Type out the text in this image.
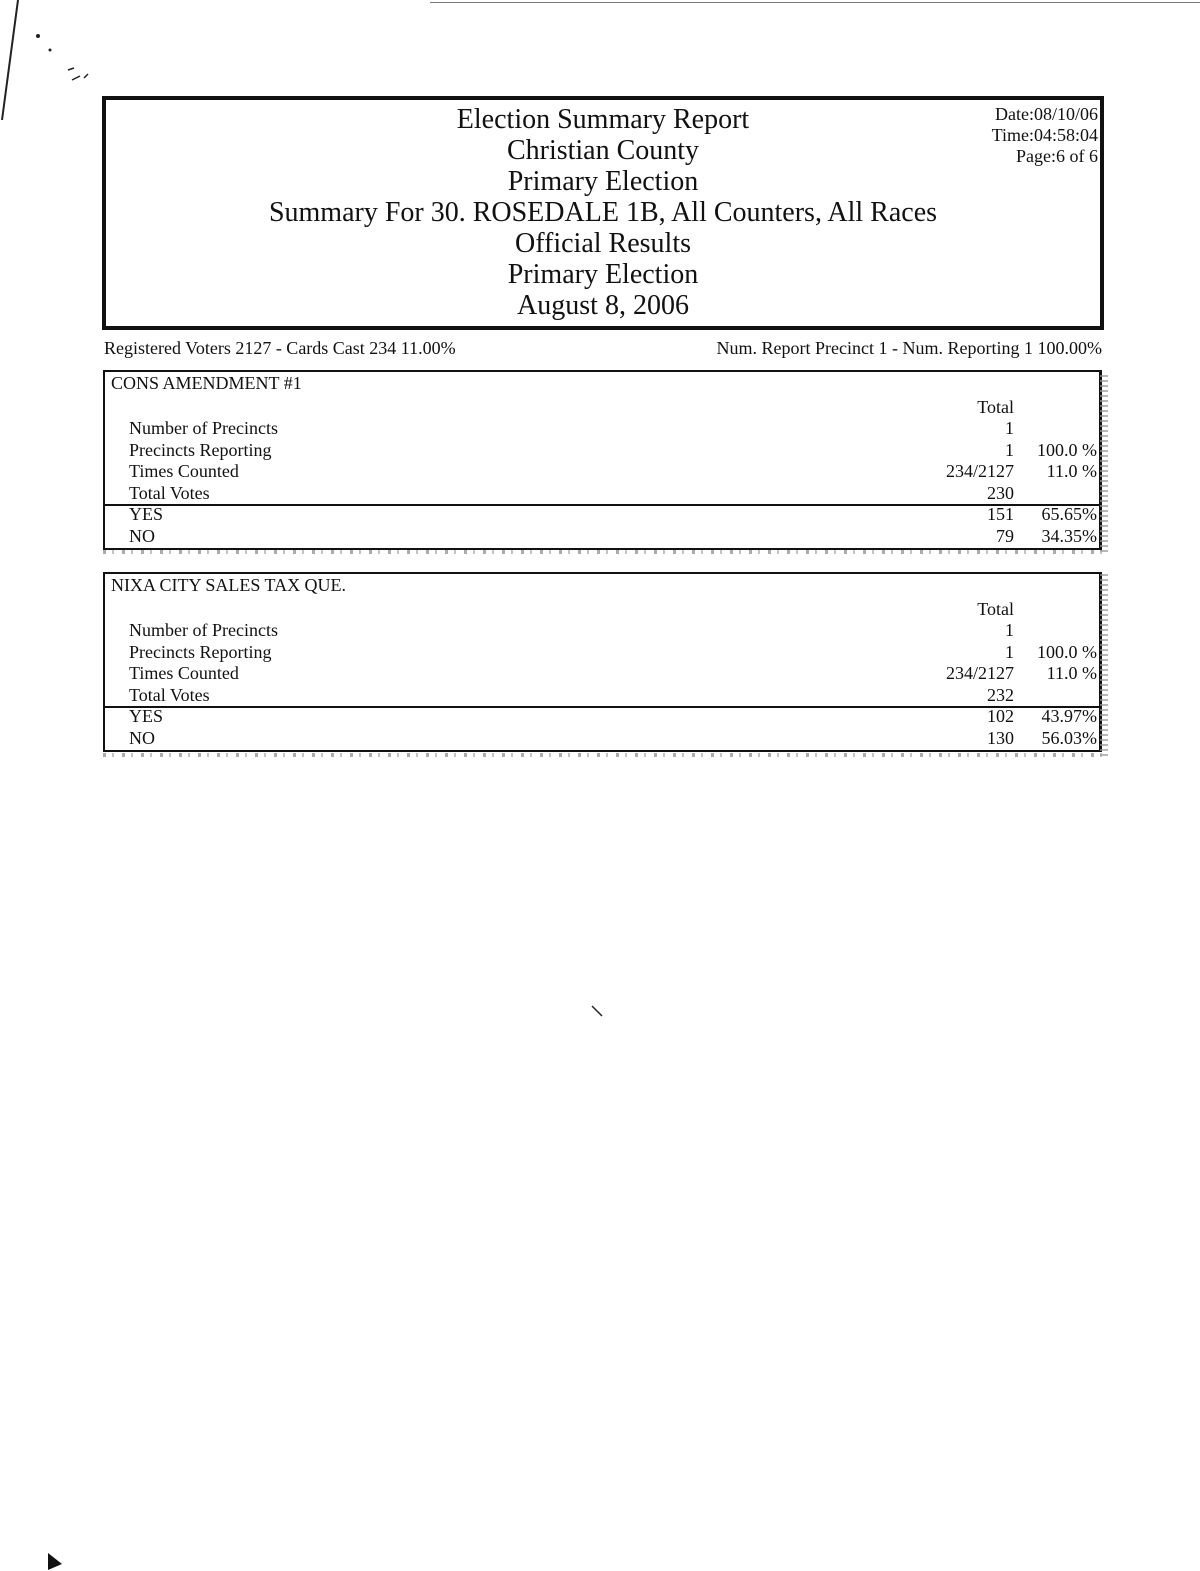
Election Summary Report
Christian County
Primary Election
Summary For 30. ROSEDALE 1B, All Counters, All Races
Official Results
Primary Election
August 8, 2006
Date:08/10/06
Time:04:58:04
Page:6 of 6
Registered Voters 2127 - Cards Cast 234 11.00%	Num. Report Precinct 1 - Num. Reporting 1 100.00%
CONS AMENDMENT #1
Total
Number of Precincts	1
Precincts Reporting	1 100.0 %
Times Counted	234/2127 11.0 %
Total Votes	230
YES	151 65.65%
NO	79 34.35%
NIXA CITY SALES TAX QUE.
Total
Number of Precincts	1
Precincts Reporting	1 100.0 %
Times Counted	234/2127 11.0 %
Total Votes	232
YES	102 43.97%
NO	130 56.03%
